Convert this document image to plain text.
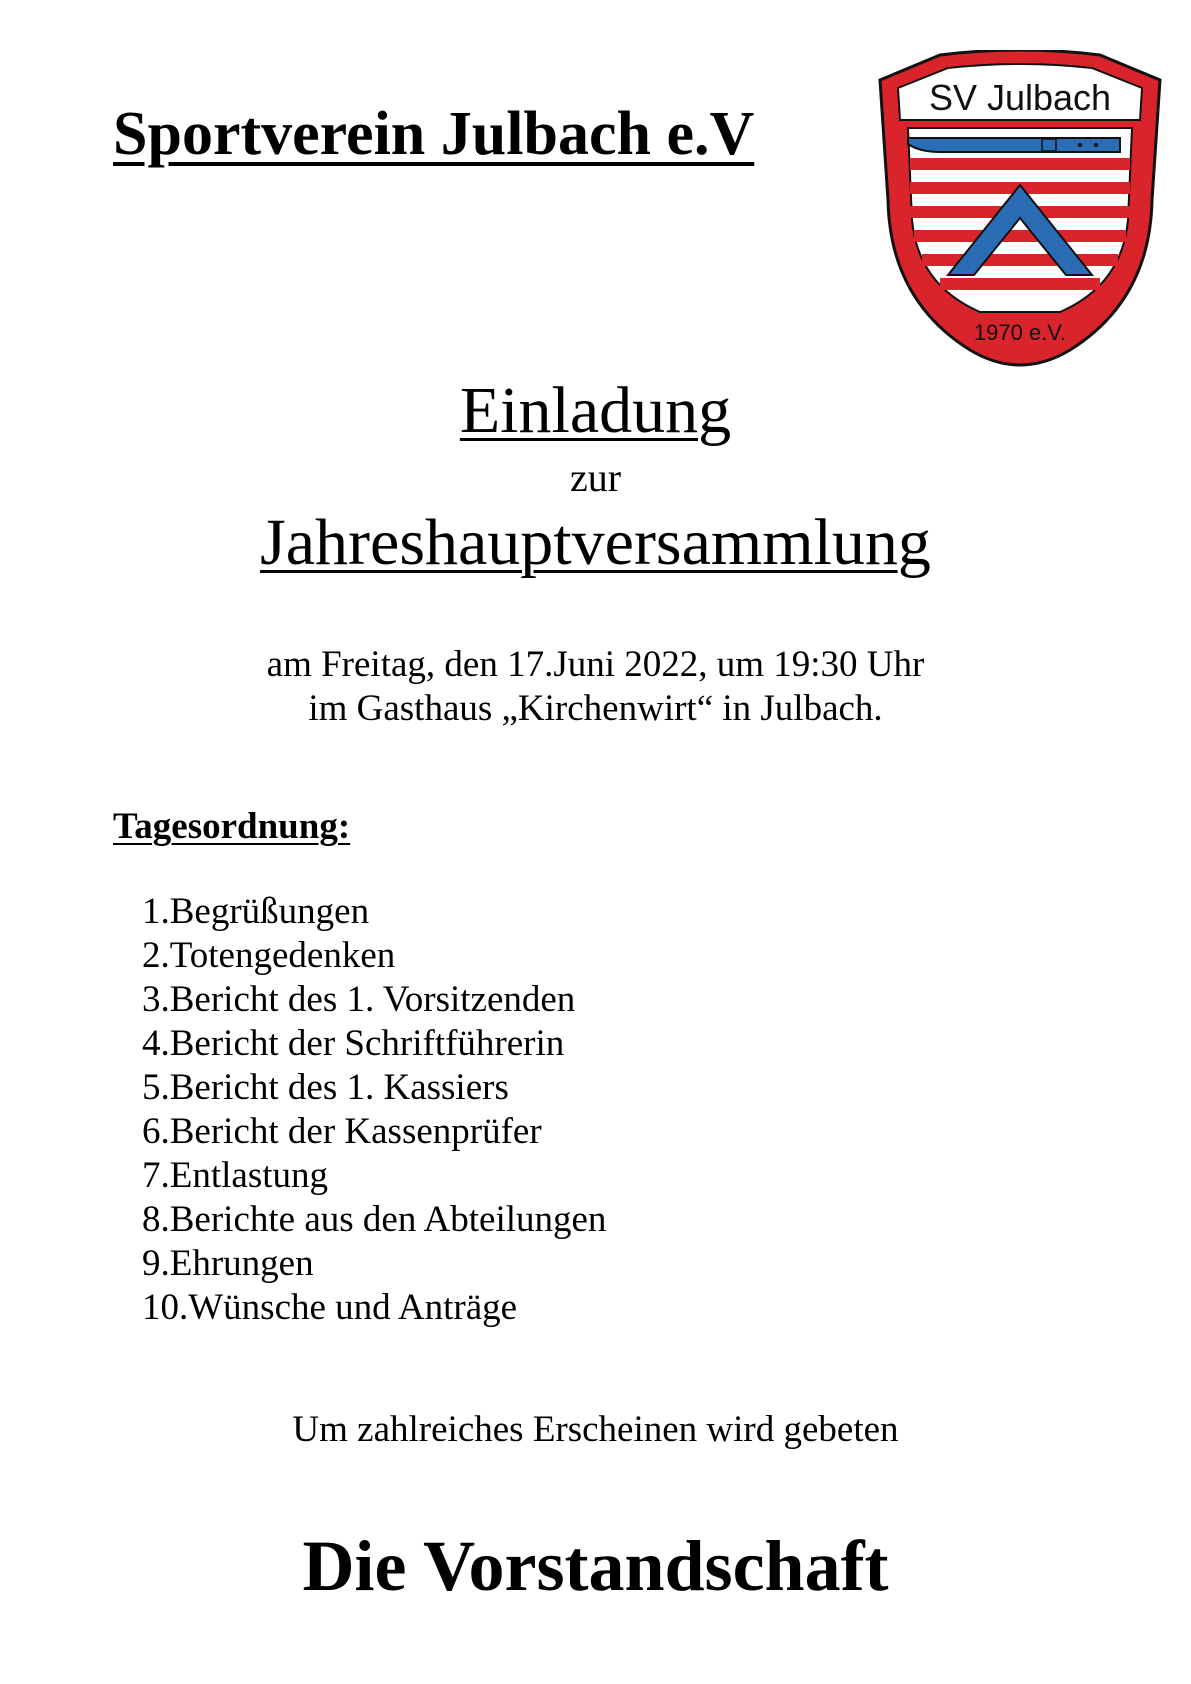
Sportverein Julbach e.V
SV Julbach
1970 e.V.
Einladung
zur
Jahreshauptversammlung
am Freitag, den 17.Juni 2022, um 19:30 Uhr
im Gasthaus „Kirchenwirt“ in Julbach.
Tagesordnung:
1.Begrüßungen
2.Totengedenken
3.Bericht des 1. Vorsitzenden
4.Bericht der Schriftführerin
5.Bericht des 1. Kassiers
6.Bericht der Kassenprüfer
7.Entlastung
8.Berichte aus den Abteilungen
9.Ehrungen
10.Wünsche und Anträge
Um zahlreiches Erscheinen wird gebeten
Die Vorstandschaft
